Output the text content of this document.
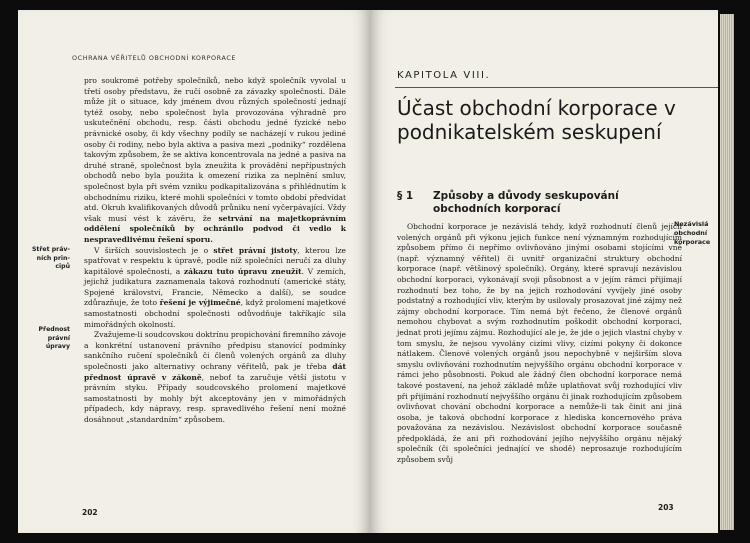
OCHRANA VĚŘITELŮ OBCHODNÍ KORPORACE
Střet práv-
ních prin-
cipů
Přednost
právní
úpravy

pro soukromé potřeby společníků, nebo když společník vyvolal u třetí osoby představu, že ručí osobně za závazky společnosti. Dále může jít o situace, kdy jménem dvou různých společností jednají tytéž osoby, nebo společnost byla provozována výhradně pro uskutečnění obchodu, resp. části obchodu jedné fyzické nebo právnické osoby, či kdy všechny podíly se nacházejí v rukou jediné osoby či rodiny, nebo byla aktiva a pasiva mezi „podniky“ rozdělena takovým způsobem, že se aktiva koncentrovala na jedné a pasiva na druhé straně, společnost byla zneužita k provádění nepřípustných obchodů nebo byla použita k omezení rizika za neplnění smluv, společnost byla při svém vzniku podkapitalizována s přihlédnutím k obchodnímu riziku, které mohli společníci v tomto období předvídat atd. Okruh kvalifikovaných důvodů průniku není vyčerpávající. Vždy však musí vést k závěru, že setrvání na majetkoprávním oddělení společníků by ochránilo podvod či vedlo k nespravedlivému řešení sporu.

V širších souvislostech je o střet právní jistoty, kterou lze spatřovat v respektu k úpravě, podle níž společníci neručí za dluhy kapitálové společnosti, a zákazu tuto úpravu zneužít. V zemích, jejichž judikatura zaznamenala taková rozhodnutí (americké státy, Spojené království, Francie, Německo a další), se soudce zdůrazňuje, že toto řešení je výjimečné, když prolomení majetkové samostatnosti obchodní společnosti odůvodňuje takříkajíc sila mimořádných okolností.

Zvažujeme-li soudcovskou doktrínu propichování firemního závoje a konkrétní ustanovení právního předpisu stanovící podmínky sankčního ručení společníků či členů volených orgánů za dluhy společnosti jako alternativy ochrany věřitelů, pak je třeba dát přednost úpravě v zákoně, neboť ta zaručuje větší jistotu v právním styku. Případy soudcovského prolomení majetkové samostatnosti by mohly být akceptovány jen v mimořádných případech, kdy nápravy, resp. spravedlivého řešení není možné dosáhnout „standardním“ způsobem.

202
KAPITOLA VIII.
Účast obchodní korporace v podnikatelském seskupení
§ 1 Způsoby a důvody seskupování obchodních korporací

Obchodní korporace je nezávislá tehdy, když rozhodnutí členů jejích volených orgánů při výkonu jejich funkce není významným rozhodujícím způsobem přímo či nepřímo ovlivňováno jinými osobami stojícími vně (např. významný věřitel) či uvnitř organizační struktury obchodní korporace (např. většinový společník). Orgány, které spravují nezávislou obchodní korporaci, vykonávají svoji působnost a v jejím rámci přijímají rozhodnutí bez toho, že by na jejich rozhodování vyvíjely jiné osoby podstatný a rozhodující vliv, kterým by usilovaly prosazovat jiné zájmy než zájmy obchodní korporace. Tím nemá být řečeno, že členové orgánů nemohou chybovat a svým rozhodnutím poškodit obchodní korporaci, jednat proti jejímu zájmu. Rozhodující ale je, že jde o jejich vlastní chyby v tom smyslu, že nejsou vyvolány cizími vlivy, cizími pokyny či dokonce nátlakem. Členové volených orgánů jsou nepochybně v nejširším slova smyslu ovlivňováni rozhodnutím nejvyššího orgánu obchodní korporace v rámci jeho působnosti. Pokud ale žádný člen obchodní korporace nemá takové postavení, na jehož základě může uplatňovat svůj rozhodující vliv při přijímání rozhodnutí nejvyššího orgánu či jinak rozhodujícím způsobem ovlivňovat chování obchodní korporace a nemůže-li tak činit ani jiná osoba, je taková obchodní korporace z hlediska koncernového práva považována za nezávislou. Nezávislost obchodní korporace současně předpokládá, že ani při rozhodování jejího nejvyššího orgánu nějaký společník (či společníci jednající ve shodě) neprosazuje rozhodujícím způsobem svůj

Nezávislá
obchodní
korporace
203
